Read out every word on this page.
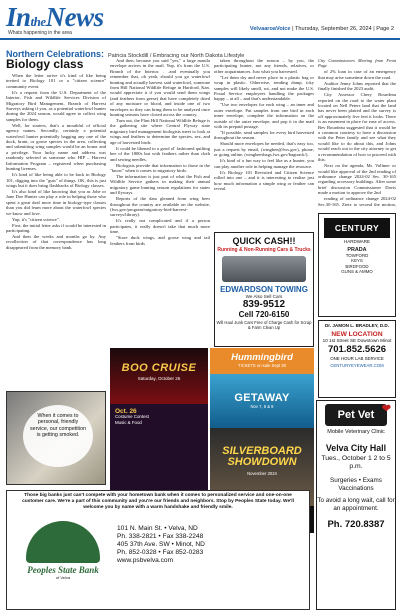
IntheNews
Whats happening in the area
VelvaaroaVoice | Thursday, September 26, 2024 | Page 2
Northern Celebrations: Patricia Stockdill / Embracing our North Dakota Lifestyle
Biology class

When the letter arrive it's kind of like being invited to Biology 101 or a "citizen science" community event.

It's a request from the U.S. Department of the Interior, Fish and Wildlife Services Division of Migratory Bird Management, Branch of Harvest Surveys asking if you, as a potential waterfowl hunter during the 2024 season, would agree to collect wing samples for them.

Well, for starters, that's a mouthful of official agency names. Secondly, certainly a potential waterfowl hunter potentially bagging any one of the duck, brant, or goose species in the area, collecting and submitting wing samples would be an honor and a privilege. Your lucky name and address was randomly selected as someone who HIP – Harvest Information Program – registered when purchasing hunting licenses.

It's kind of like being able to be back in Biology 101, digging into the "guts" of things. OK, this is just wings but it does bring flashbacks of Biology classes.

It's also kind of like knowing that you as Johe or Jane Doe Hunter can play a role in helping those who spent a great deal more time in biology-type classes than you did learn more about the waterfowl species we know and love.

Yup, it's "citizen science".

First, the initial letter asks if would be interested in participating.

And then the weeks and months go by. Any recollection of that correspondence has long disappeared from the memory bank.

And then, because you said "yes," a large manila envelope arrives in the mail. Yup, it's from the U.S. Branch of the Interior. . .and eventually you remember that, oh yeah, should you go waterfowl hunting and actually harvest said waterfowl, someone from Hill National Wildlife Refuge in Hartford, Kan. would appreciate it if you would send them wings (and feathers from geese) that have completely dried of any moisture or blood, and inside one of two envelopes so they can bring them to be analyzed once hunting seasons have closed across the country.

Turn out, the Flint Hill National Wildlife Refuge is the gathering site where Central Flyway state migratory bird management biologists meet to look at wings and feathers to determine the species, sex, and age of harvested birds.

It could be likened to a good ol' fashioned quilting bee of the 1800s but with feathers rather than cloth and sewing needles.

Biologists provide that information to those in the "know" when it comes to migratory birds.

The information is just part of what the Fish and Wildlife Service gathers in making their annual migratory game hunting season regulations for states and flyways.

Reports of the data gleaned from wing bees throughout the country are available on the website, (fws.gov/program/migratory-bird-harvest-surveys/library).

It's really not complicated and if a person participates, it really doesn't take that much more time.

"Store duck wings, and goose wing and tail feathers from birds

taken throughout the season – by you, the participating hunter, not any friends, relatives, or other acquaintances. Just what you harvested.

"Let them dry and never place in a plastic bag or wrap in plastic. Otherwise, sending damp, icky samples will likely smell, rot, and not make the U.S. Postal Service employees handling the packages happy – at all – and that's understandable.

"Use two envelopes for each wing – an inner and outer envelope. Put samples from one bird in each inner envelope, complete the information on the outside of the outer envelope, and pop it in the mail with its prepaid postage.

"If possible, send samples for every bird harvested throughout the season.

Should more envelopes be needed, that's easy too, just a request by email, (wingbee@fws.gov), phone, or going online, (wingbeesbags.fws.gov/bagtrack/).

It's kind of a fun way to feel like as a hunter, you can play another role in helping manage the resource.

It's Biology 101 Revisited and Citizen Science rolled into one – and it is interesting to realize just how much information a simple wing or feather can reveal.

City Commissioners Meeting from Front Page

of 2% loan in case of an emergency that may arise sometime down the road.

Auditor Jenny Johns reported that the finally finished the 2023 audit.

City Assessor Chery Bourdeau reported on the road to the water plant located on Nell Peters land that the land has never been platted and the survey is off approximately five feet it looks. There is an easement in place for ease of access. Bev Bourdeau suggested that it would be a common courtesy to have a discussion with the Peter family and see what they would like to do about this, and Johns would reach out to the city attorney to get a recommendation of how to proceed with this.

Next on the agenda, Mr. Vollmer or would like approval of the 2nd reading of ordinance change 2024-02 Sec. 30-165 regarding accessory buildings. After some brief discussion Commissioner Davis made a motion to approve the 2nd

reading of ordinance change 2024-02 Sec.30-165. Zietz to second the motion,

QUICK CASH!!
Running & Non-Running Cars & Trucks
EDWARDSON TOWING
We Also Sell Cars
839-9512
Cell 720-6150
Will Haul Junk Cars Free of Charge Cash for Scrap & Farm Clean Up
CENTURY
HARDWARE
PRADA
TOWFORD
KEYS
BIRDFOOD
GUNS & AMMO
Dr. JAMON L. BRADLEY, D.D.
NEW LOCATION
10 1st Street SE Downtown Minot
701.852.5626
ONE HOUR LAB SERVICE
CENTURYEYEWEAR.COM
BOO CRUISE
Saturday, October 26
Oct. 26
Costume Contest
Music & Food
Hummingbird
TICKETS on sale Sept 30
GETAWAY
Nov 7, 8 & 9
SILVERBOARD SHOWDOWN
November 2024
When it comes to personal, friendly service, our competition is getting smoked.
Those big banks just can't compete with your hometown bank when it comes to personalized service and one-on-one customer care. We're a part of this community and you're our friends and neighbors. Stop by Peoples State today. We'll welcome you by name with a warm handshake and friendly smile.
Peoples State Bank
of Velva
101 N. Main St. • Velva, ND
Ph. 338-2821 • Fax 338-2248
405 37th Ave. SW • Minot, ND
Ph. 852-0328 • Fax 852-0283
www.psbvelva.com
Pet Vet ❤
Mobile Veterinary Clinic
Velva City Hall
Tues., October 1 2 to 5 p.m.
Surgeries • Exams
Vaccinations
To avoid a long wait, call for an appointment.
Ph. 720.8387
